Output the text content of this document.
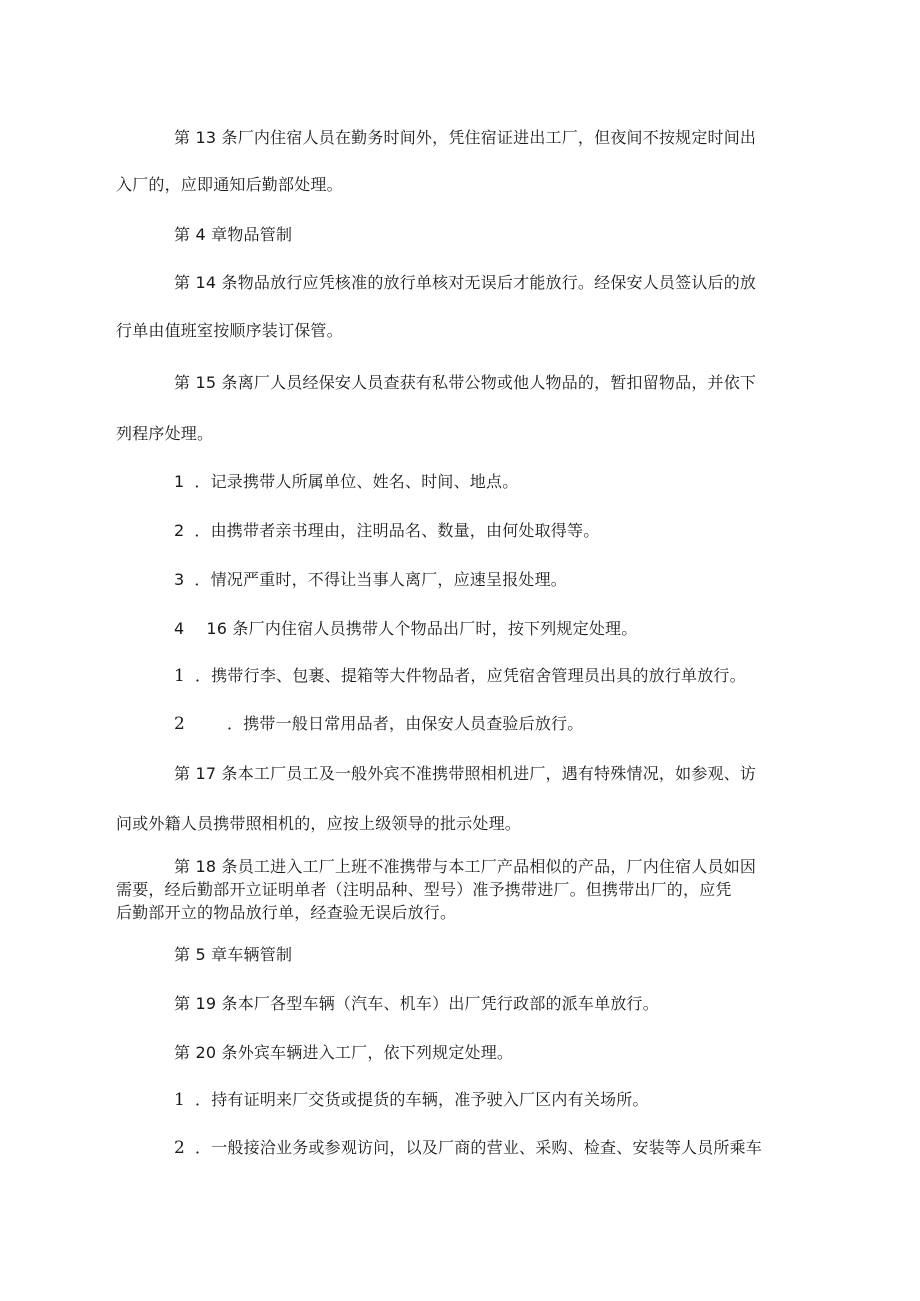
第 13 条厂内住宿人员在勤务时间外，凭住宿证进出工厂，但夜间不按规定时间出
入厂的，应即通知后勤部处理。
第 4 章物品管制
第 14 条物品放行应凭核准的放行单核对无误后才能放行。经保安人员签认后的放
行单由值班室按顺序装订保管。
第 15 条离厂人员经保安人员查获有私带公物或他人物品的，暂扣留物品，并依下
列程序处理。
1 ．记录携带人所属单位、姓名、时间、地点。
2 ．由携带者亲书理由，注明品名、数量，由何处取得等。
3 ．情况严重时，不得让当事人离厂，应速呈报处理。
4 16 条厂内住宿人员携带人个物品出厂时，按下列规定处理。
1 ．携带行李、包裹、提箱等大件物品者，应凭宿舍管理员出具的放行单放行。
2	．携带一般日常用品者，由保安人员查验后放行。
第 17 条本工厂员工及一般外宾不准携带照相机进厂，遇有特殊情况，如参观、访
问或外籍人员携带照相机的，应按上级领导的批示处理。
第 18 条员工进入工厂上班不准携带与本工厂产品相似的产品，厂内住宿人员如因
需要，经后勤部开立证明单者（注明品种、型号）准予携带进厂。但携带出厂的，应凭
后勤部开立的物品放行单，经查验无误后放行。
第 5 章车辆管制
第 19 条本厂各型车辆（汽车、机车）出厂凭行政部的派车单放行。
第 20 条外宾车辆进入工厂，依下列规定处理。
1 ．持有证明来厂交货或提货的车辆，准予驶入厂区内有关场所。
2 ．一般接洽业务或参观访问，以及厂商的营业、采购、检查、安装等人员所乘车
